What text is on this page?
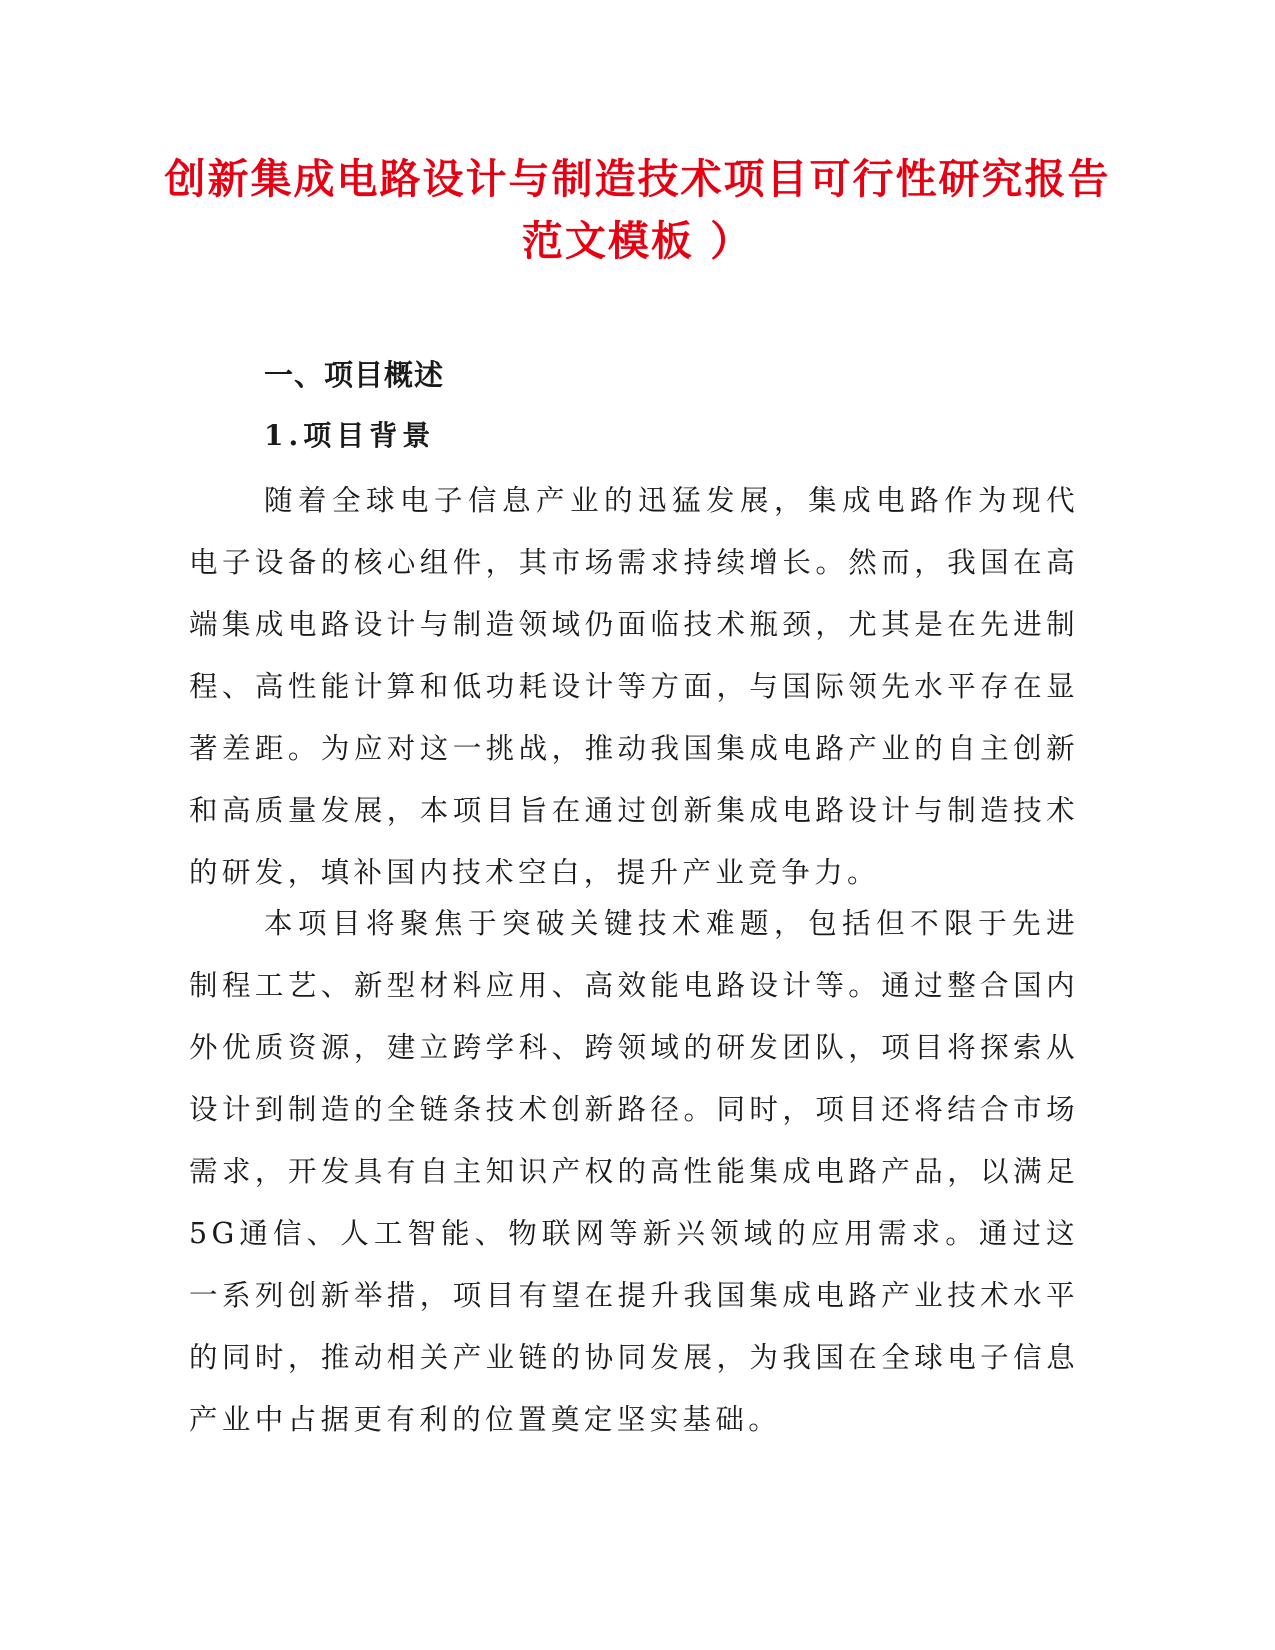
创新集成电路设计与制造技术项目可行性研究报告范文模板 ）
一、项目概述
1.项目背景

随着全球电子信息产业的迅猛发展，集成电路作为现代电子设备的核心组件，其市场需求持续增长。然而，我国在高端集成电路设计与制造领域仍面临技术瓶颈，尤其是在先进制程、高性能计算和低功耗设计等方面，与国际领先水平存在显著差距。为应对这一挑战，推动我国集成电路产业的自主创新和高质量发展，本项目旨在通过创新集成电路设计与制造技术的研发，填补国内技术空白，提升产业竞争力。

本项目将聚焦于突破关键技术难题，包括但不限于先进制程工艺、新型材料应用、高效能电路设计等。通过整合国内外优质资源，建立跨学科、跨领域的研发团队，项目将探索从设计到制造的全链条技术创新路径。同时，项目还将结合市场需求，开发具有自主知识产权的高性能集成电路产品，以满足5G通信、人工智能、物联网等新兴领域的应用需求。通过这一系列创新举措，项目有望在提升我国集成电路产业技术水平的同时，推动相关产业链的协同发展，为我国在全球电子信息产业中占据更有利的位置奠定坚实基础。
